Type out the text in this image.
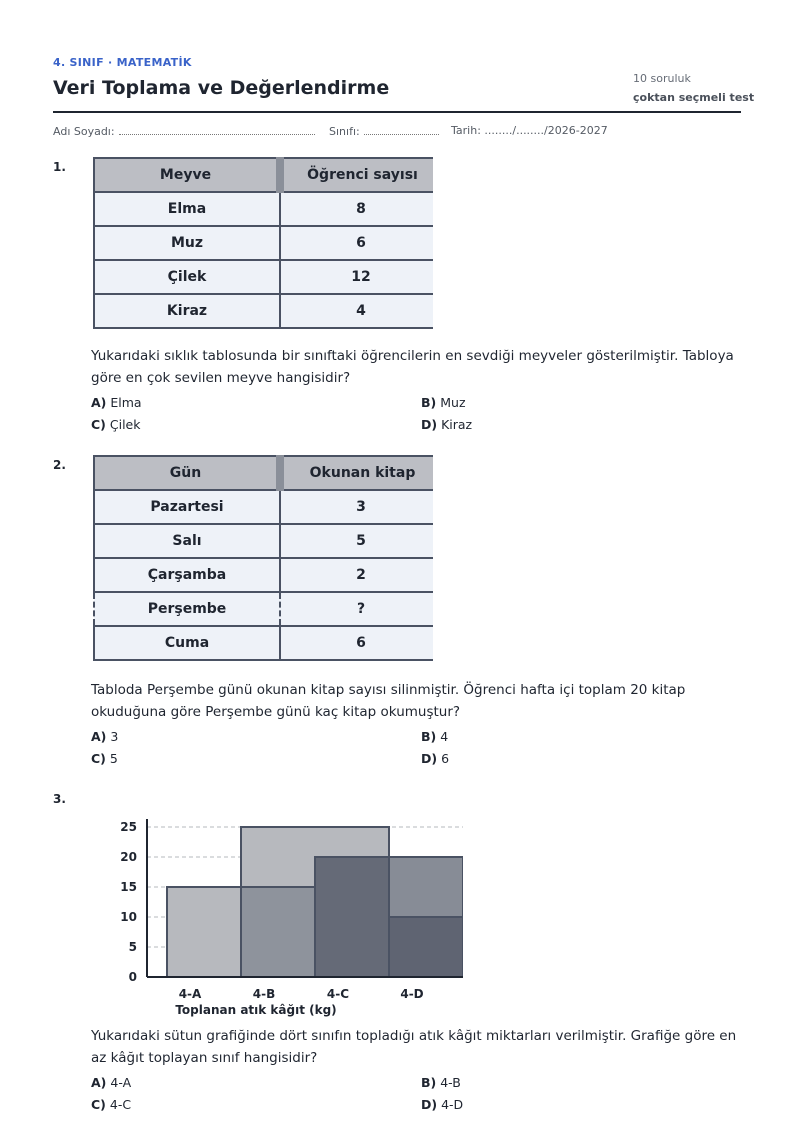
4. SINIF · MATEMATİK
Veri Toplama ve Değerlendirme	10 soruluk
çoktan seçmeli test
Adı Soyadı:	Sınıfı:	Tarih: ......../......../2026-2027
1.	Meyve	Öğrenci sayısı
Elma	8
Muz	6
Çilek	12
Kiraz	4
Yukarıdaki sıklık tablosunda bir sınıftaki öğrencilerin en sevdiği meyveler gösterilmiştir. Tabloya göre en çok sevilen meyve hangisidir?
A) Elma	B) Muz
C) Çilek	D) Kiraz
2.	Gün	Okunan kitap
Pazartesi	3
Salı	5
Çarşamba	2
Perşembe	?
Cuma	6
Tabloda Perşembe günü okunan kitap sayısı silinmiştir. Öğrenci hafta içi toplam 20 kitap okuduğuna göre Perşembe günü kaç kitap okumuştur?
A) 3	B) 4
C) 5	D) 6
3.
0
5
10
15
20
25
4-A	4-B	4-C	4-D
Toplanan atık kâğıt (kg)
Yukarıdaki sütun grafiğinde dört sınıfın topladığı atık kâğıt miktarları verilmiştir. Grafiğe göre en az kâğıt toplayan sınıf hangisidir?
A) 4-A	B) 4-B
C) 4-C	D) 4-D
